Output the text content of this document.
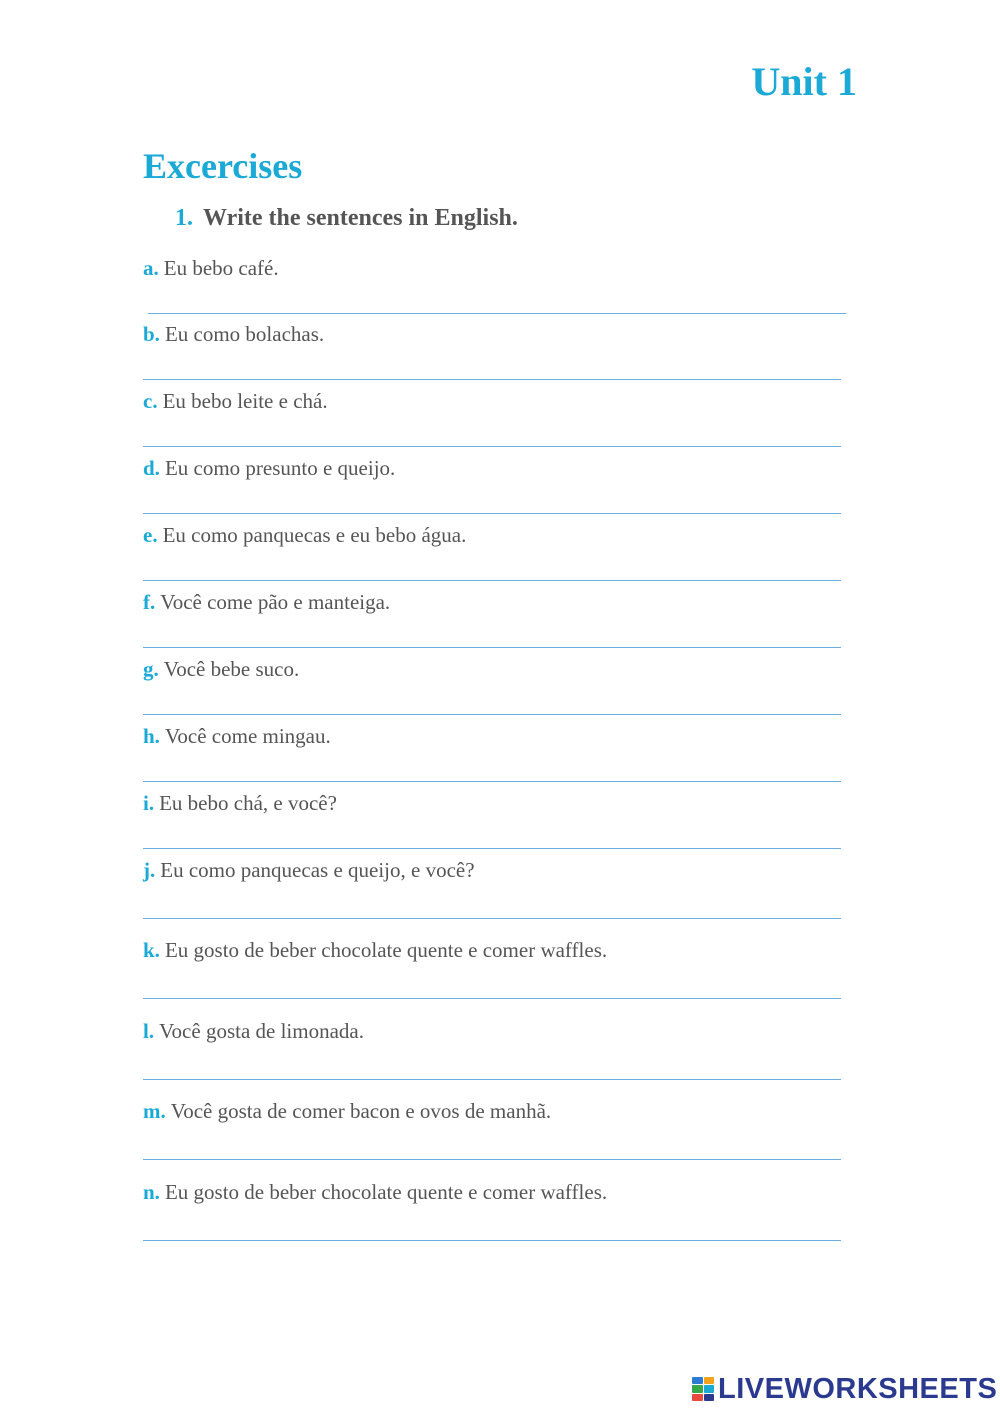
Unit 1
Excercises
1. Write the sentences in English.
a. Eu bebo café.
b. Eu como bolachas.
c. Eu bebo leite e chá.
d. Eu como presunto e queijo.
e. Eu como panquecas e eu bebo água.
f. Você come pão e manteiga.
g. Você bebe suco.
h. Você come mingau.
i. Eu bebo chá, e você?
j. Eu como panquecas e queijo, e você?
k. Eu gosto de beber chocolate quente e comer waffles.
l. Você gosta de limonada.
m. Você gosta de comer bacon e ovos de manhã.
n. Eu gosto de beber chocolate quente e comer waffles.
LIVEWORKSHEETS
